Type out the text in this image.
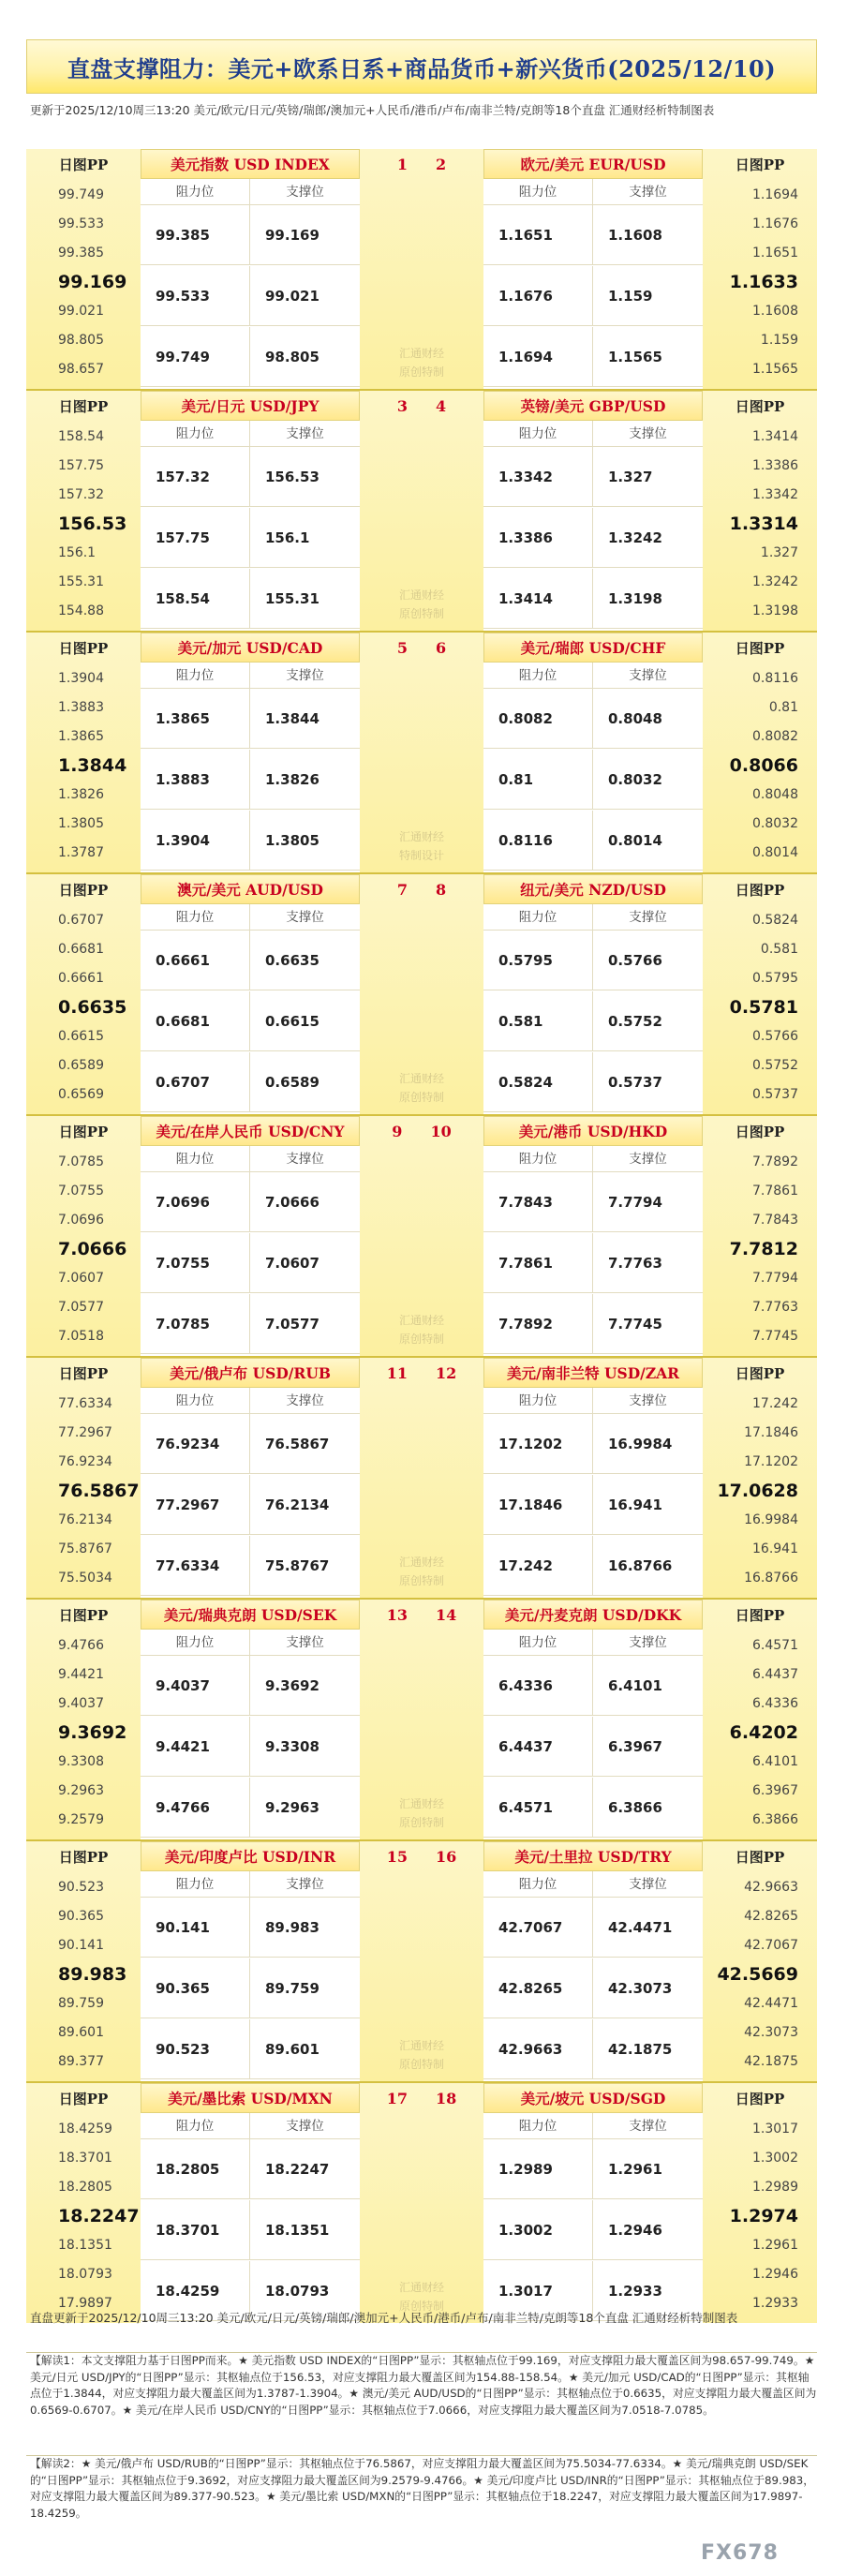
直盘支撑阻力：美元+欧系日系+商品货币+新兴货币(2025/12/10)
更新于2025/12/10周三13:20 美元/欧元/日元/英镑/瑞郎/澳加元+人民币/港币/卢布/南非兰特/克朗等18个直盘 汇通财经析特制图表
日图PP
99.749
99.533
99.385
99.169
99.021
98.805
98.657
美元指数 USD INDEX
阻力位	支撑位
99.385	99.169
99.533	99.021
99.749	98.805
日图PP
1.1694
1.1676
1.1651
1.1633
1.1608
1.159
1.1565
欧元/美元 EUR/USD
阻力位	支撑位
1.1651	1.1608
1.1676	1.159
1.1694	1.1565
1 2
汇通财经
原创特制
日图PP
158.54
157.75
157.32
156.53
156.1
155.31
154.88
美元/日元 USD/JPY
阻力位	支撑位
157.32	156.53
157.75	156.1
158.54	155.31
日图PP
1.3414
1.3386
1.3342
1.3314
1.327
1.3242
1.3198
英镑/美元 GBP/USD
阻力位	支撑位
1.3342	1.327
1.3386	1.3242
1.3414	1.3198
3 4
汇通财经
原创特制
日图PP
1.3904
1.3883
1.3865
1.3844
1.3826
1.3805
1.3787
美元/加元 USD/CAD
阻力位	支撑位
1.3865	1.3844
1.3883	1.3826
1.3904	1.3805
日图PP
0.8116
0.81
0.8082
0.8066
0.8048
0.8032
0.8014
美元/瑞郎 USD/CHF
阻力位	支撑位
0.8082	0.8048
0.81	0.8032
0.8116	0.8014
5 6
汇通财经
特制设计
日图PP
0.6707
0.6681
0.6661
0.6635
0.6615
0.6589
0.6569
澳元/美元 AUD/USD
阻力位	支撑位
0.6661	0.6635
0.6681	0.6615
0.6707	0.6589
日图PP
0.5824
0.581
0.5795
0.5781
0.5766
0.5752
0.5737
纽元/美元 NZD/USD
阻力位	支撑位
0.5795	0.5766
0.581	0.5752
0.5824	0.5737
7 8
汇通财经
原创特制
日图PP
7.0785
7.0755
7.0696
7.0666
7.0607
7.0577
7.0518
美元/在岸人民币 USD/CNY
阻力位	支撑位
7.0696	7.0666
7.0755	7.0607
7.0785	7.0577
日图PP
7.7892
7.7861
7.7843
7.7812
7.7794
7.7763
7.7745
美元/港币 USD/HKD
阻力位	支撑位
7.7843	7.7794
7.7861	7.7763
7.7892	7.7745
9 10
汇通财经
原创特制
日图PP
77.6334
77.2967
76.9234
76.5867
76.2134
75.8767
75.5034
美元/俄卢布 USD/RUB
阻力位	支撑位
76.9234	76.5867
77.2967	76.2134
77.6334	75.8767
日图PP
17.242
17.1846
17.1202
17.0628
16.9984
16.941
16.8766
美元/南非兰特 USD/ZAR
阻力位	支撑位
17.1202	16.9984
17.1846	16.941
17.242	16.8766
11 12
汇通财经
原创特制
日图PP
9.4766
9.4421
9.4037
9.3692
9.3308
9.2963
9.2579
美元/瑞典克朗 USD/SEK
阻力位	支撑位
9.4037	9.3692
9.4421	9.3308
9.4766	9.2963
日图PP
6.4571
6.4437
6.4336
6.4202
6.4101
6.3967
6.3866
美元/丹麦克朗 USD/DKK
阻力位	支撑位
6.4336	6.4101
6.4437	6.3967
6.4571	6.3866
13 14
汇通财经
原创特制
日图PP
90.523
90.365
90.141
89.983
89.759
89.601
89.377
美元/印度卢比 USD/INR
阻力位	支撑位
90.141	89.983
90.365	89.759
90.523	89.601
日图PP
42.9663
42.8265
42.7067
42.5669
42.4471
42.3073
42.1875
美元/土里拉 USD/TRY
阻力位	支撑位
42.7067	42.4471
42.8265	42.3073
42.9663	42.1875
15 16
汇通财经
原创特制
日图PP
18.4259
18.3701
18.2805
18.2247
18.1351
18.0793
17.9897
美元/墨比索 USD/MXN
阻力位	支撑位
18.2805	18.2247
18.3701	18.1351
18.4259	18.0793
日图PP
1.3017
1.3002
1.2989
1.2974
1.2961
1.2946
1.2933
美元/坡元 USD/SGD
阻力位	支撑位
1.2989	1.2961
1.3002	1.2946
1.3017	1.2933
17 18
汇通财经
原创特制
直盘更新于2025/12/10周三13:20 美元/欧元/日元/英镑/瑞郎/澳加元+人民币/港币/卢布/南非兰特/克朗等18个直盘 汇通财经析特制图表
【解读1：本文支撑阻力基于日图PP而来。★ 美元指数 USD INDEX的“日图PP”显示：其枢轴点位于99.169，对应支撑阻力最大覆盖区间为98.657-99.749。★ 美元/日元 USD/JPY的“日图PP”显示：其枢轴点位于156.53，对应支撑阻力最大覆盖区间为154.88-158.54。★ 美元/加元 USD/CAD的“日图PP”显示：其枢轴点位于1.3844，对应支撑阻力最大覆盖区间为1.3787-1.3904。★ 澳元/美元 AUD/USD的“日图PP”显示：其枢轴点位于0.6635，对应支撑阻力最大覆盖区间为0.6569-0.6707。★ 美元/在岸人民币 USD/CNY的“日图PP”显示：其枢轴点位于7.0666，对应支撑阻力最大覆盖区间为7.0518-7.0785。
【解读2：★ 美元/俄卢布 USD/RUB的“日图PP”显示：其枢轴点位于76.5867，对应支撑阻力最大覆盖区间为75.5034-77.6334。★ 美元/瑞典克朗 USD/SEK的“日图PP”显示：其枢轴点位于9.3692，对应支撑阻力最大覆盖区间为9.2579-9.4766。★ 美元/印度卢比 USD/INR的“日图PP”显示：其枢轴点位于89.983，对应支撑阻力最大覆盖区间为89.377-90.523。★ 美元/墨比索 USD/MXN的“日图PP”显示：其枢轴点位于18.2247，对应支撑阻力最大覆盖区间为17.9897-18.4259。
FX678
